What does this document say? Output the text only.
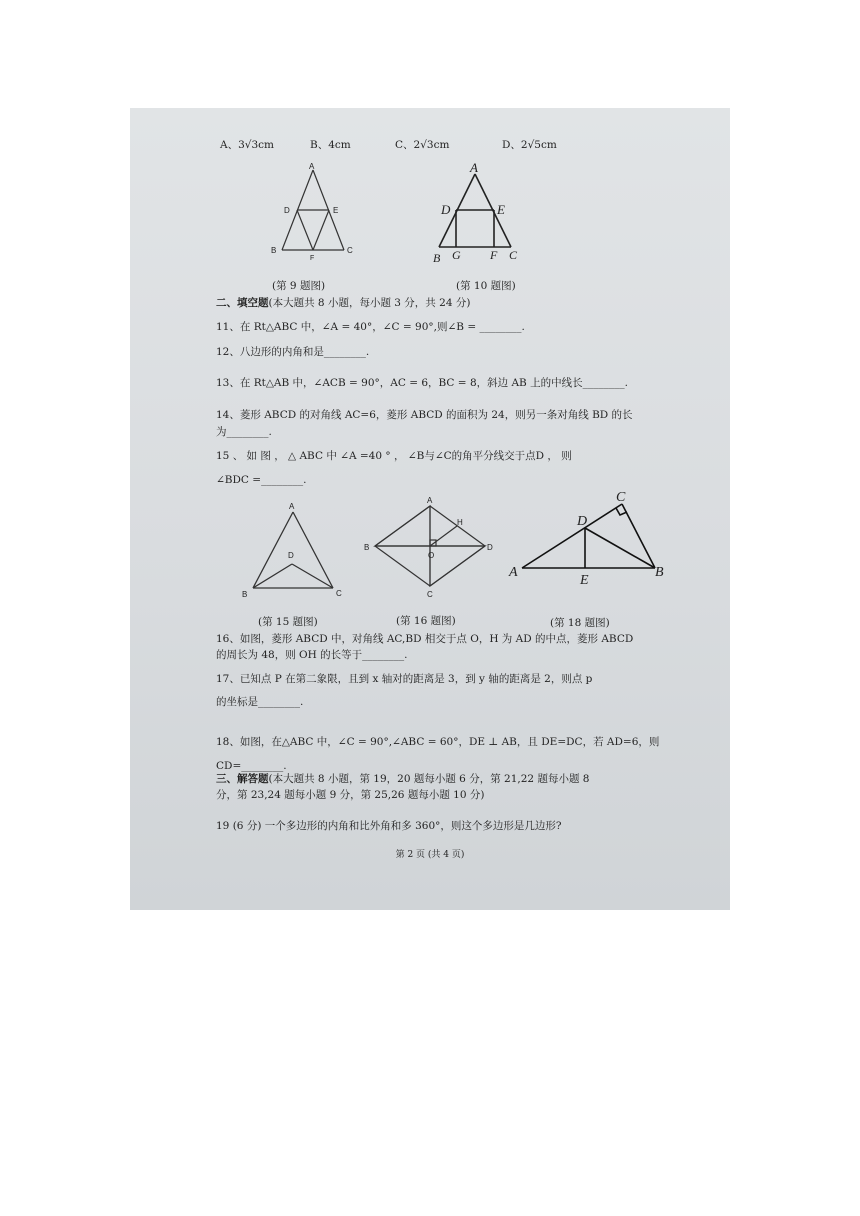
A、3√3cm	B、4cm	C、2√3cm	D、2√5cm
A
D	E
B
F
C
A
D	E
B G F C
(第 9 题图)	(第 10 题图)
二、填空题(本大题共 8 小题，每小题 3 分，共 24 分)
11、在 Rt△ABC 中，∠A = 40°，∠C = 90°,则∠B = ________.
12、八边形的内角和是________.
13、在 Rt△AB 中，∠ACB = 90°，AC = 6，BC = 8，斜边 AB 上的中线长________.
14、菱形 ABCD 的对角线 AC=6，菱形 ABCD 的面积为 24，则另一条对角线 BD 的长
为________.
15 、 如 图 ， △ ABC 中 ∠A =40 ° ， ∠B与∠C的角平分线交于点D ， 则
∠BDC =________.
A
D
B	C
A
H
B
O
D
C
C
D
A
E
B
(第 15 题图)	(第 16 题图)	(第 18 题图)
16、如图，菱形 ABCD 中，对角线 AC,BD 相交于点 O，H 为 AD 的中点，菱形 ABCD
的周长为 48，则 OH 的长等于________.
17、已知点 P 在第二象限，且到 x 轴对的距离是 3，到 y 轴的距离是 2，则点 p
的坐标是________.
18、如图，在△ABC 中，∠C = 90°,∠ABC = 60°，DE ⊥ AB，且 DE=DC，若 AD=6，则
CD=________.
三、解答题(本大题共 8 小题，第 19，20 题每小题 6 分，第 21,22 题每小题 8
分，第 23,24 题每小题 9 分，第 25,26 题每小题 10 分)
19 (6 分) 一个多边形的内角和比外角和多 360°，则这个多边形是几边形?
第 2 页 (共 4 页)
